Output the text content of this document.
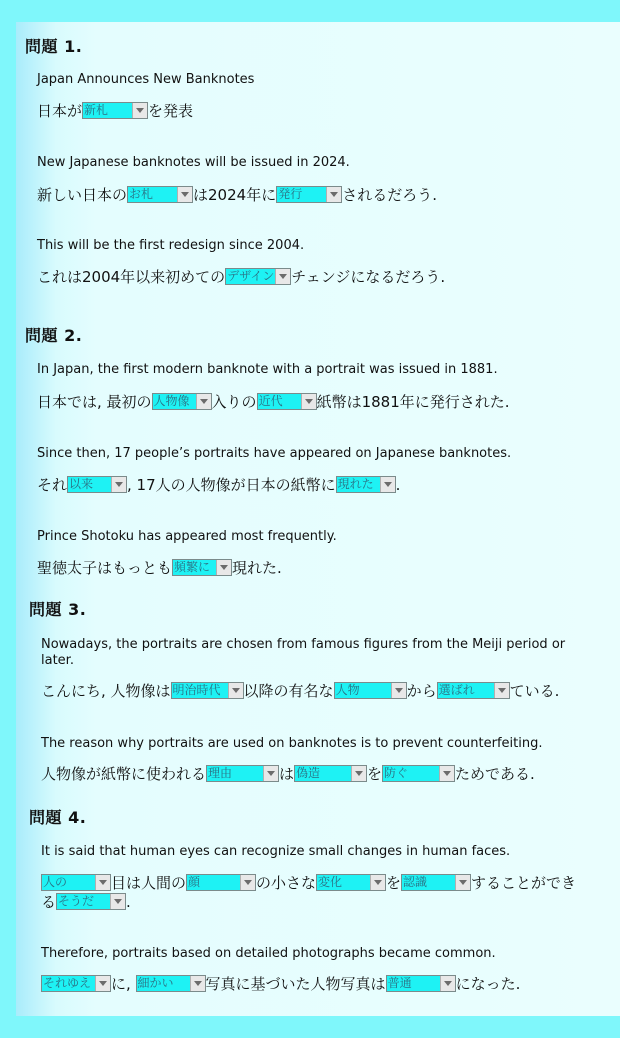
問題 1.
Japan Announces New Banknotes
日本が 新札	を発表
New Japanese banknotes will be issued in 2024.
新しい日本の お札	は2024年に 発行	されるだろう.
This will be the first redesign since 2004.
これは2004年以来初めての デザイン チェンジになるだろう.
問題 2.
In Japan, the first modern banknote with a portrait was issued in 1881.
日本では, 最初の 人物像 入りの 近代 紙幣は1881年に発行された.
Since then, 17 people’s portraits have appeared on Japanese banknotes.
それ 以来 , 17人の人物像が日本の紙幣に 現れた .
Prince Shotoku has appeared most frequently.
聖徳太子はもっとも 頻繁に 現れた.
問題 3.
Nowadays, the portraits are chosen from famous figures from the Meiji period or later.
こんにち, 人物像は 明治時代 以降の有名な 人物	から 選ばれ ている.
The reason why portraits are used on banknotes is to prevent counterfeiting.
人物像が紙幣に使われる 理由	は 偽造	を 防ぐ	ためである.
問題 4.
It is said that human eyes can recognize small changes in human faces.
人の	目は人間の 顔	の小さな 変化	を 認識	することができ
る そうだ .
Therefore, portraits based on detailed photographs became common.
それゆえ に, 細かい 写真に基づいた人物写真は 普通	になった.
